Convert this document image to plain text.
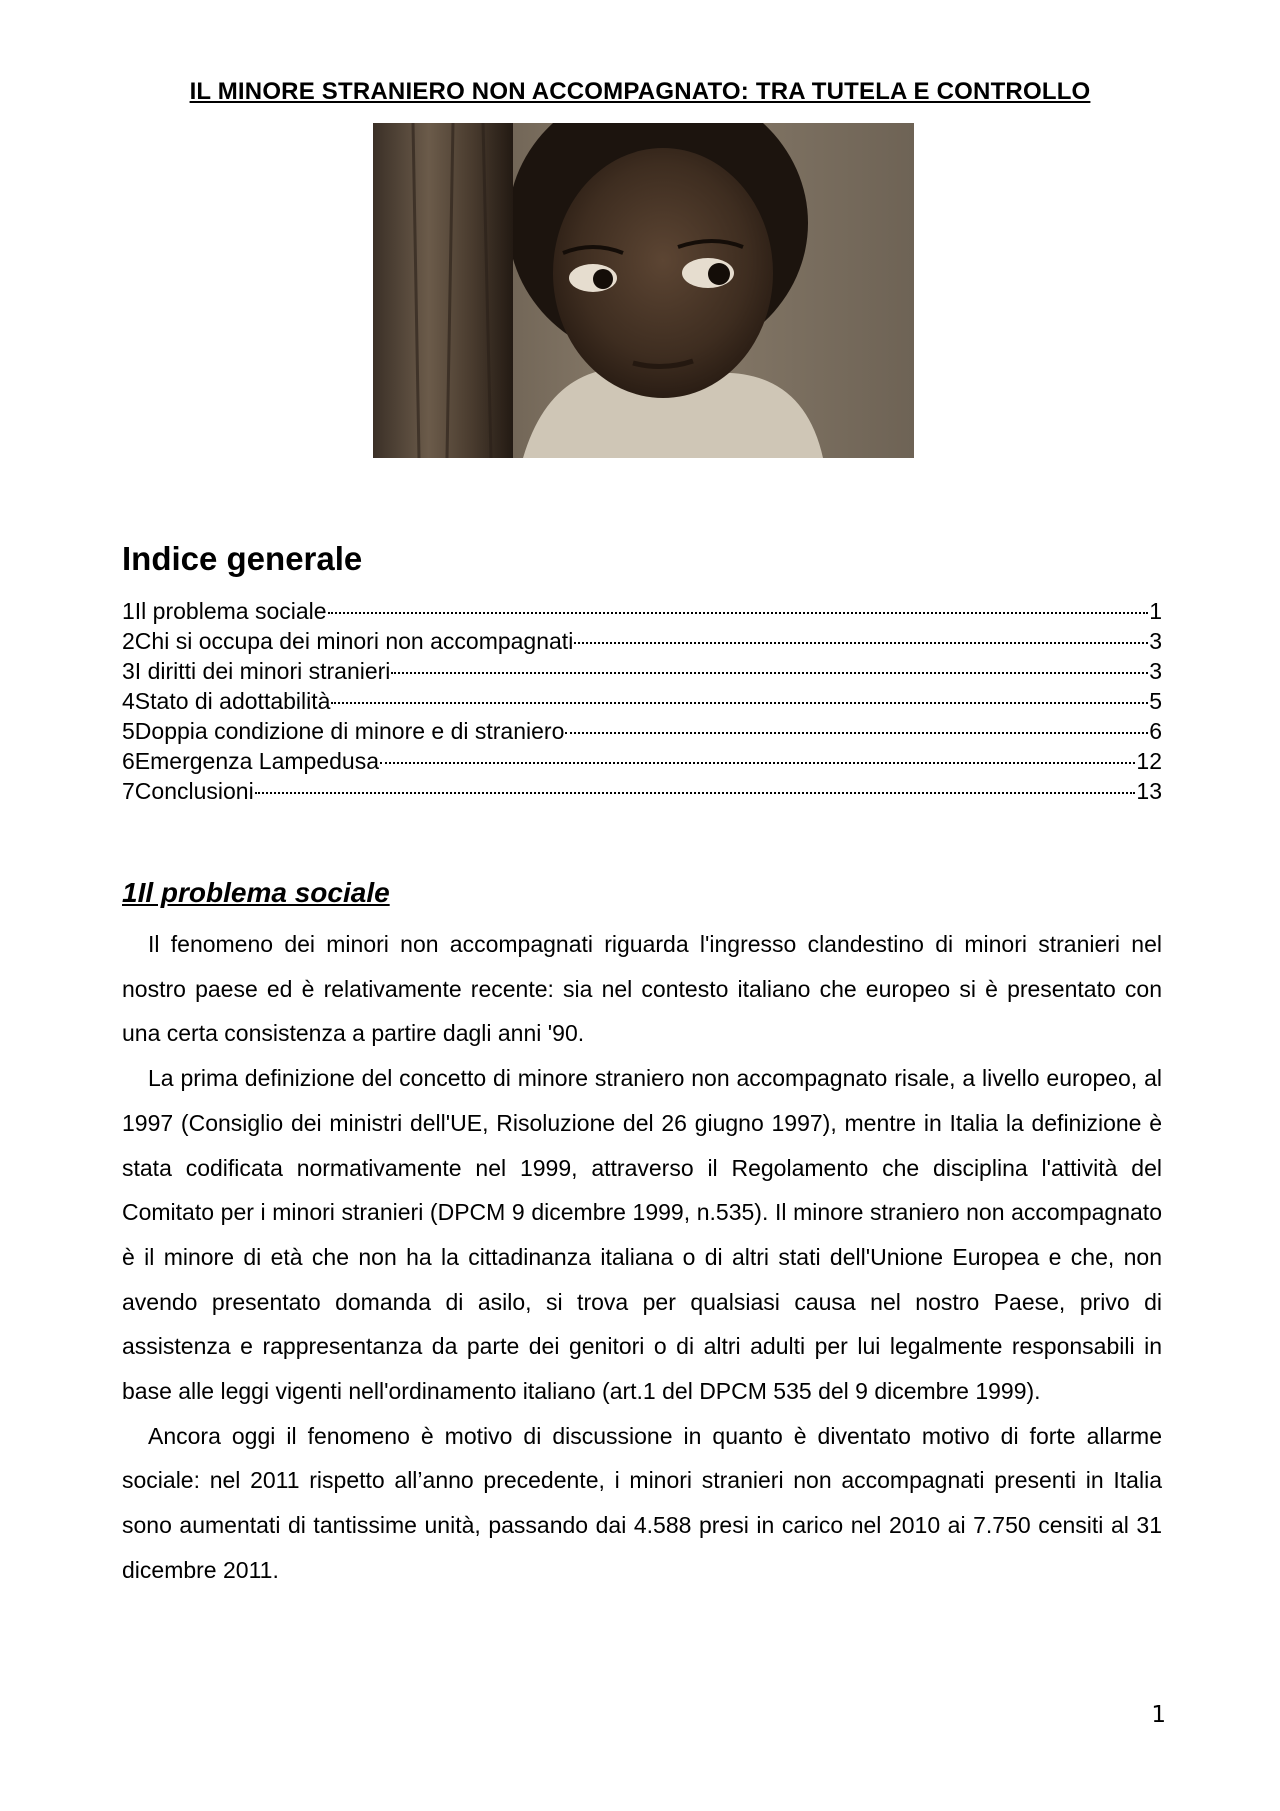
IL MINORE STRANIERO NON ACCOMPAGNATO: TRA TUTELA E CONTROLLO
Indice generale
1Il problema sociale	1
2Chi si occupa dei minori non accompagnati	3
3I diritti dei minori stranieri	3
4Stato di adottabilità	5
5Doppia condizione di minore e di straniero	6
6Emergenza Lampedusa	12
7Conclusioni	13
1Il problema sociale

Il fenomeno dei minori non accompagnati riguarda l'ingresso clandestino di minori stranieri nel nostro paese ed è relativamente recente: sia nel contesto italiano che europeo si è presentato con una certa consistenza a partire dagli anni '90.

La prima definizione del concetto di minore straniero non accompagnato risale, a livello europeo, al 1997 (Consiglio dei ministri dell'UE, Risoluzione del 26 giugno 1997), mentre in Italia la definizione è stata codificata normativamente nel 1999, attraverso il Regolamento che disciplina l'attività del Comitato per i minori stranieri (DPCM 9 dicembre 1999, n.535). Il minore straniero non accompagnato è il minore di età che non ha la cittadinanza italiana o di altri stati dell'Unione Europea e che, non avendo presentato domanda di asilo, si trova per qualsiasi causa nel nostro Paese, privo di assistenza e rappresentanza da parte dei genitori o di altri adulti per lui legalmente responsabili in base alle leggi vigenti nell'ordinamento italiano (art.1 del DPCM 535 del 9 dicembre 1999).

Ancora oggi il fenomeno è motivo di discussione in quanto è diventato motivo di forte allarme sociale: nel 2011 rispetto all’anno precedente, i minori stranieri non accompagnati presenti in Italia sono aumentati di tantissime unità, passando dai 4.588 presi in carico nel 2010 ai 7.750 censiti al 31 dicembre 2011.

1
